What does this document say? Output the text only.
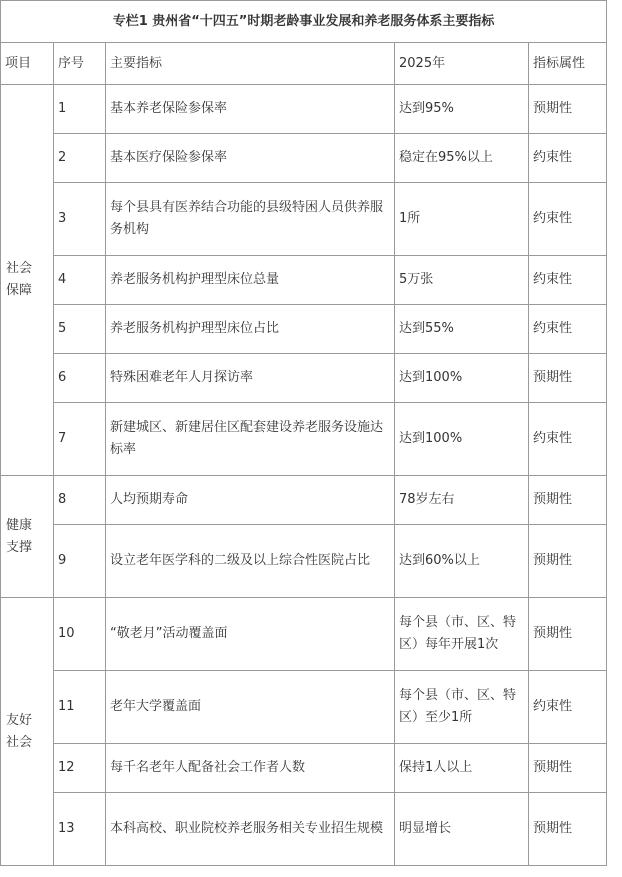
专栏1 贵州省“十四五”时期老龄事业发展和养老服务体系主要指标				
项目	序号	主要指标	2025年	指标属性

社会
保障	1	基本养老保险参保率	达到95%	预期性
	2	基本医疗保险参保率	稳定在95%以上	约束性
	3	每个县具有医养结合功能的县级特困人员供养服务机构	1所	约束性
	4	养老服务机构护理型床位总量	5万张	约束性
	5	养老服务机构护理型床位占比	达到55%	约束性
	6	特殊困难老年人月探访率	达到100%	预期性
	7	新建城区、新建居住区配套建设养老服务设施达标率	达到100%	约束性

健康
支撑	8	人均预期寿命	78岁左右	预期性
	9	设立老年医学科的二级及以上综合性医院占比	达到60%以上	预期性

友好
社会	10	“敬老月”活动覆盖面	每个县（市、区、特区）每年开展1次	预期性
	11	老年大学覆盖面	每个县（市、区、特区）至少1所	约束性
	12	每千名老年人配备社会工作者人数	保持1人以上	预期性
	13	本科高校、职业院校养老服务相关专业招生规模	明显增长	预期性
